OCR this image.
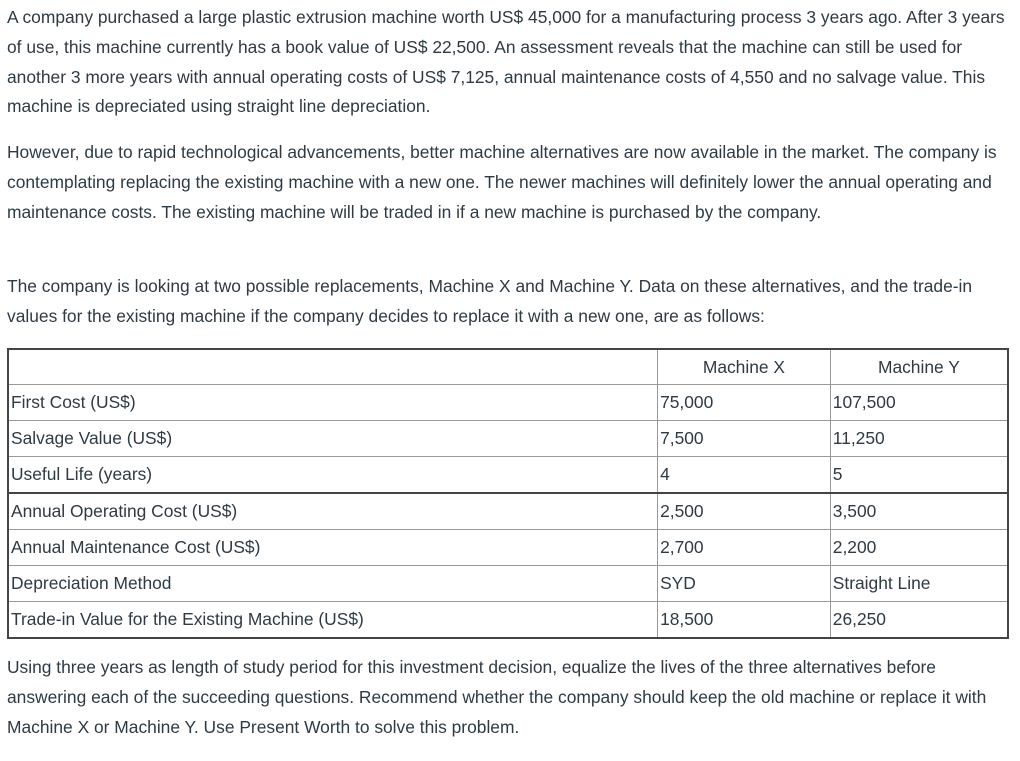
A company purchased a large plastic extrusion machine worth US$ 45,000 for a manufacturing process 3 years ago. After 3 years of use, this machine currently has a book value of US$ 22,500. An assessment reveals that the machine can still be used for another 3 more years with annual operating costs of US$ 7,125, annual maintenance costs of 4,550 and no salvage value. This machine is depreciated using straight line depreciation.

However, due to rapid technological advancements, better machine alternatives are now available in the market. The company is contemplating replacing the existing machine with a new one. The newer machines will definitely lower the annual operating and maintenance costs. The existing machine will be traded in if a new machine is purchased by the company.

The company is looking at two possible replacements, Machine X and Machine Y. Data on these alternatives, and the trade-in values for the existing machine if the company decides to replace it with a new one, are as follows:

	Machine X	Machine Y
First Cost (US$)	75,000	107,500
Salvage Value (US$)	7,500	11,250
Useful Life (years)	4	5
Annual Operating Cost (US$)	2,500	3,500
Annual Maintenance Cost (US$)	2,700	2,200
Depreciation Method	SYD	Straight Line
Trade-in Value for the Existing Machine (US$)	18,500	26,250

Using three years as length of study period for this investment decision, equalize the lives of the three alternatives before answering each of the succeeding questions. Recommend whether the company should keep the old machine or replace it with Machine X or Machine Y. Use Present Worth to solve this problem.
